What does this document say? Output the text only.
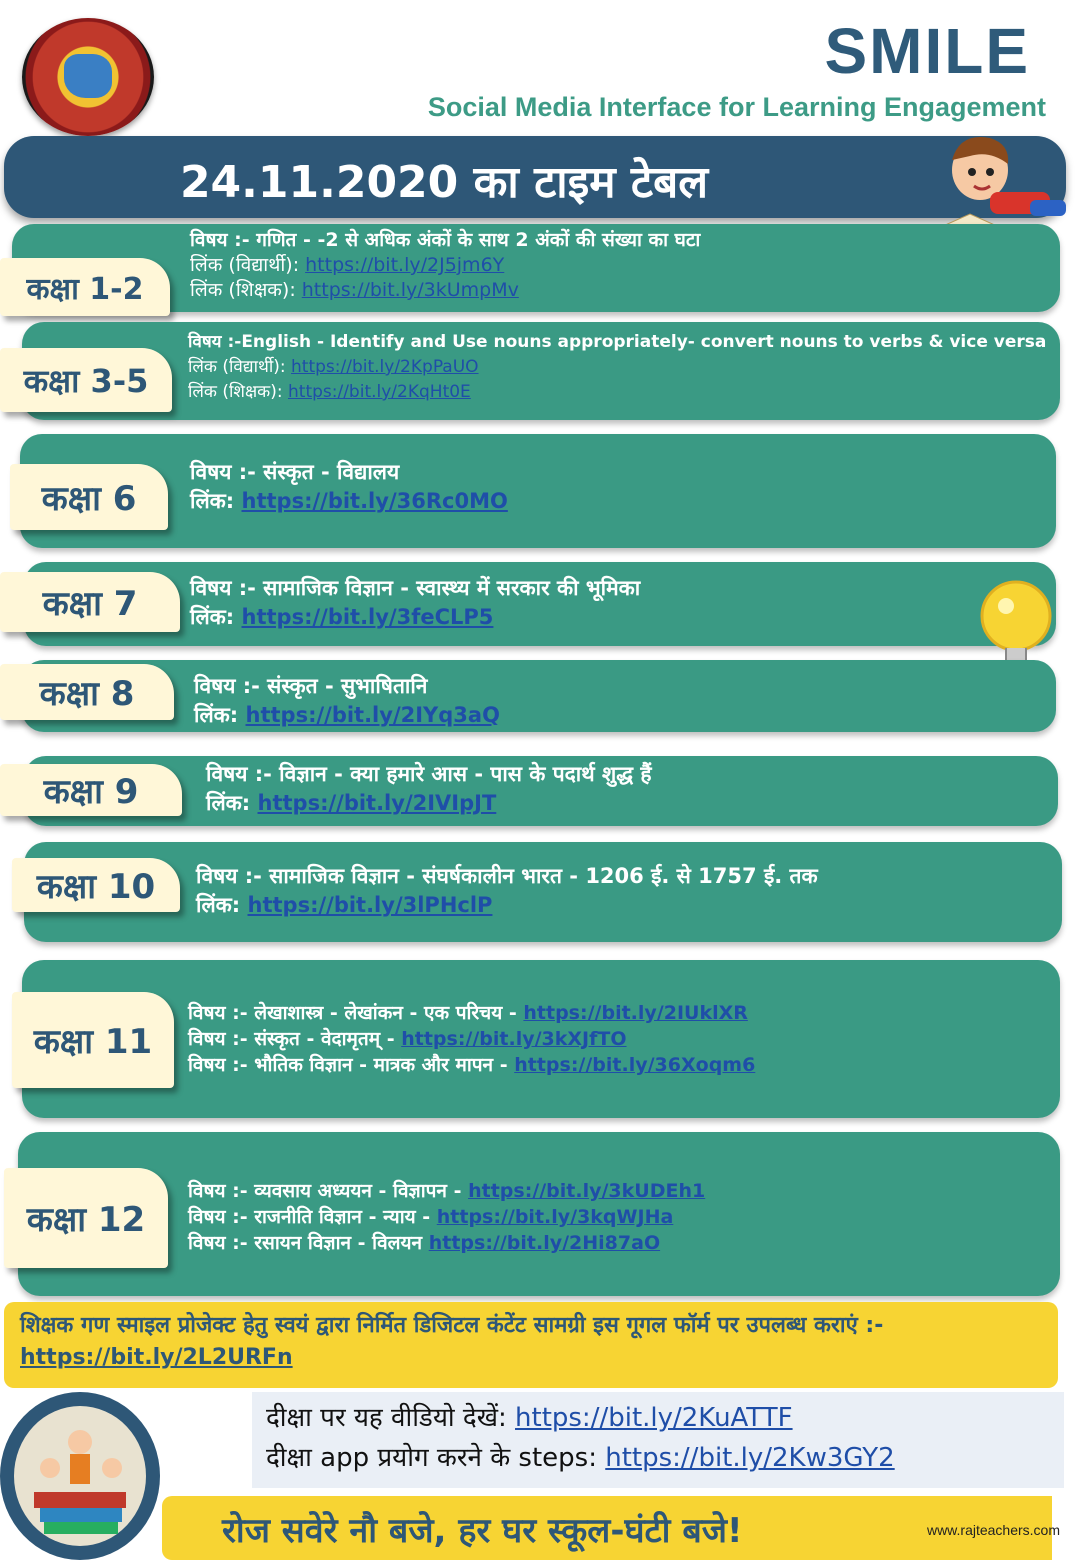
SMILE
Social Media Interface for Learning Engagement
24.11.2020 का टाइम टेबल
कक्षा 1-2
विषय :- गणित - -2 से अधिक अंकों के साथ 2 अंकों की संख्या का घटा
लिंक (विद्यार्थी): https://bit.ly/2J5jm6Y
लिंक (शिक्षक): https://bit.ly/3kUmpMv
कक्षा 3-5
विषय :-English - Identify and Use nouns appropriately- convert nouns to verbs & vice versa
लिंक (विद्यार्थी): https://bit.ly/2KpPaUO
लिंक (शिक्षक): https://bit.ly/2KqHt0E
कक्षा 6
विषय :- संस्कृत - विद्यालय
लिंक: https://bit.ly/36Rc0MO
कक्षा 7	विषय :- सामाजिक विज्ञान - स्वास्थ्य में सरकार की भूमिका
लिंक: https://bit.ly/3feCLP5
कक्षा 8	विषय :- संस्कृत - सुभाषितानि
लिंक: https://bit.ly/2IYq3aQ
कक्षा 9	विषय :- विज्ञान - क्या हमारे आस - पास के पदार्थ शुद्ध हैं
लिंक: https://bit.ly/2IVIpJT
कक्षा 10	विषय :- सामाजिक विज्ञान - संघर्षकालीन भारत - 1206 ई. से 1757 ई. तक
लिंक: https://bit.ly/3lPHclP
कक्षा 11
विषय :- लेखाशास्त्र - लेखांकन - एक परिचय - https://bit.ly/2IUklXR
विषय :- संस्कृत - वेदामृतम् - https://bit.ly/3kXJfTO
विषय :- भौतिक विज्ञान - मात्रक और मापन - https://bit.ly/36Xoqm6
कक्षा 12
विषय :- व्यवसाय अध्ययन - विज्ञापन - https://bit.ly/3kUDEh1
विषय :- राजनीति विज्ञान - न्याय - https://bit.ly/3kqWJHa
विषय :- रसायन विज्ञान - विलयन https://bit.ly/2Hi87aO
शिक्षक गण स्माइल प्रोजेक्ट हेतु स्वयं द्वारा निर्मित डिजिटल कंटेंट सामग्री इस गूगल फॉर्म पर उपलब्ध कराएं :- https://bit.ly/2L2URFn
दीक्षा पर यह वीडियो देखें: https://bit.ly/2KuATTF
दीक्षा app प्रयोग करने के steps: https://bit.ly/2Kw3GY2
रोज सवेरे नौ बजे, हर घर स्कूल-घंटी बजे!	www.rajteachers.com
